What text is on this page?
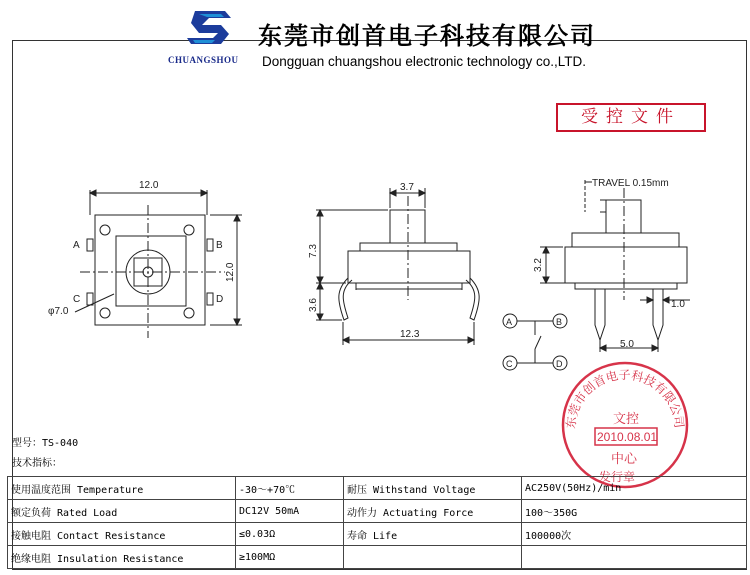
CHUANGSHOU
东莞市创首电子科技有限公司
Dongguan chuangshou electronic technology co.,LTD.
受控文件
12.0
12.0
φ7.0
A	B
C	D
3.7
7.3
3.6
12.3
TRAVEL 0.15mm
3.2
1.0
5.0
A	B
C	D
东莞市创首电子科技有限公司
文控
2010.08.01
中心
发行章
型号：TS-040
技术指标：
使用温度范围 Temperature	-30～+70℃	耐压 Withstand Voltage	AC250V(50Hz)/min
额定负荷 Rated Load	DC12V 50mA	动作力 Actuating Force	100～350G
接触电阻 Contact Resistance	≤0.03Ω	寿命 Life	100000次
绝缘电阻 Insulation Resistance	≥100MΩ		
